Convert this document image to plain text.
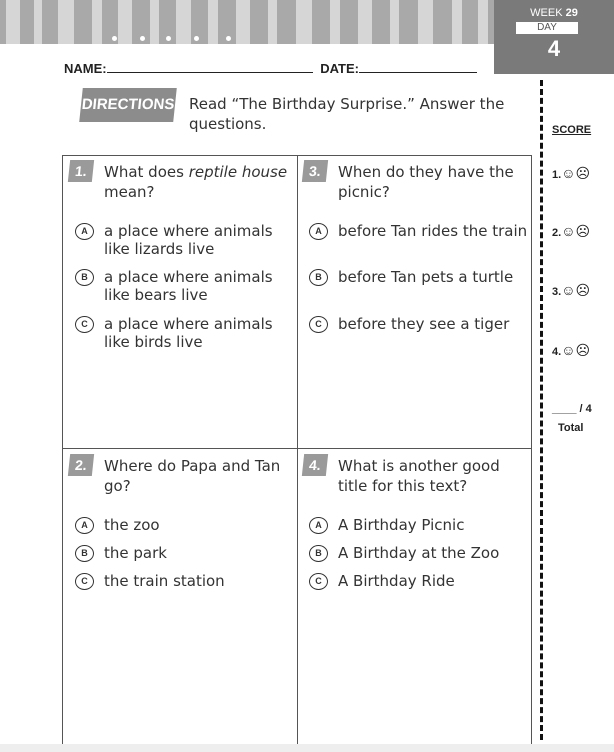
WEEK 29
DAY
4
NAME:	DATE:
DIRECTIONS Read “The Birthday Surprise.” Answer the questions.	SCORE
1.☺☹
2.☺☹
3.☺☹
4.☺☹
____ / 4
Total
1.	What does reptile house mean?
A	a place where animals like lizards live
B	a place where animals like bears live
C	a place where animals like birds live
3.	When do they have the picnic?
A	before Tan rides the train
B	before Tan pets a turtle
C	before they see a tiger
2.	Where do Papa and Tan go?
A	the zoo
B	the park
C	the train station
4.	What is another good title for this text?
A	A Birthday Picnic
B	A Birthday at the Zoo
C	A Birthday Ride
